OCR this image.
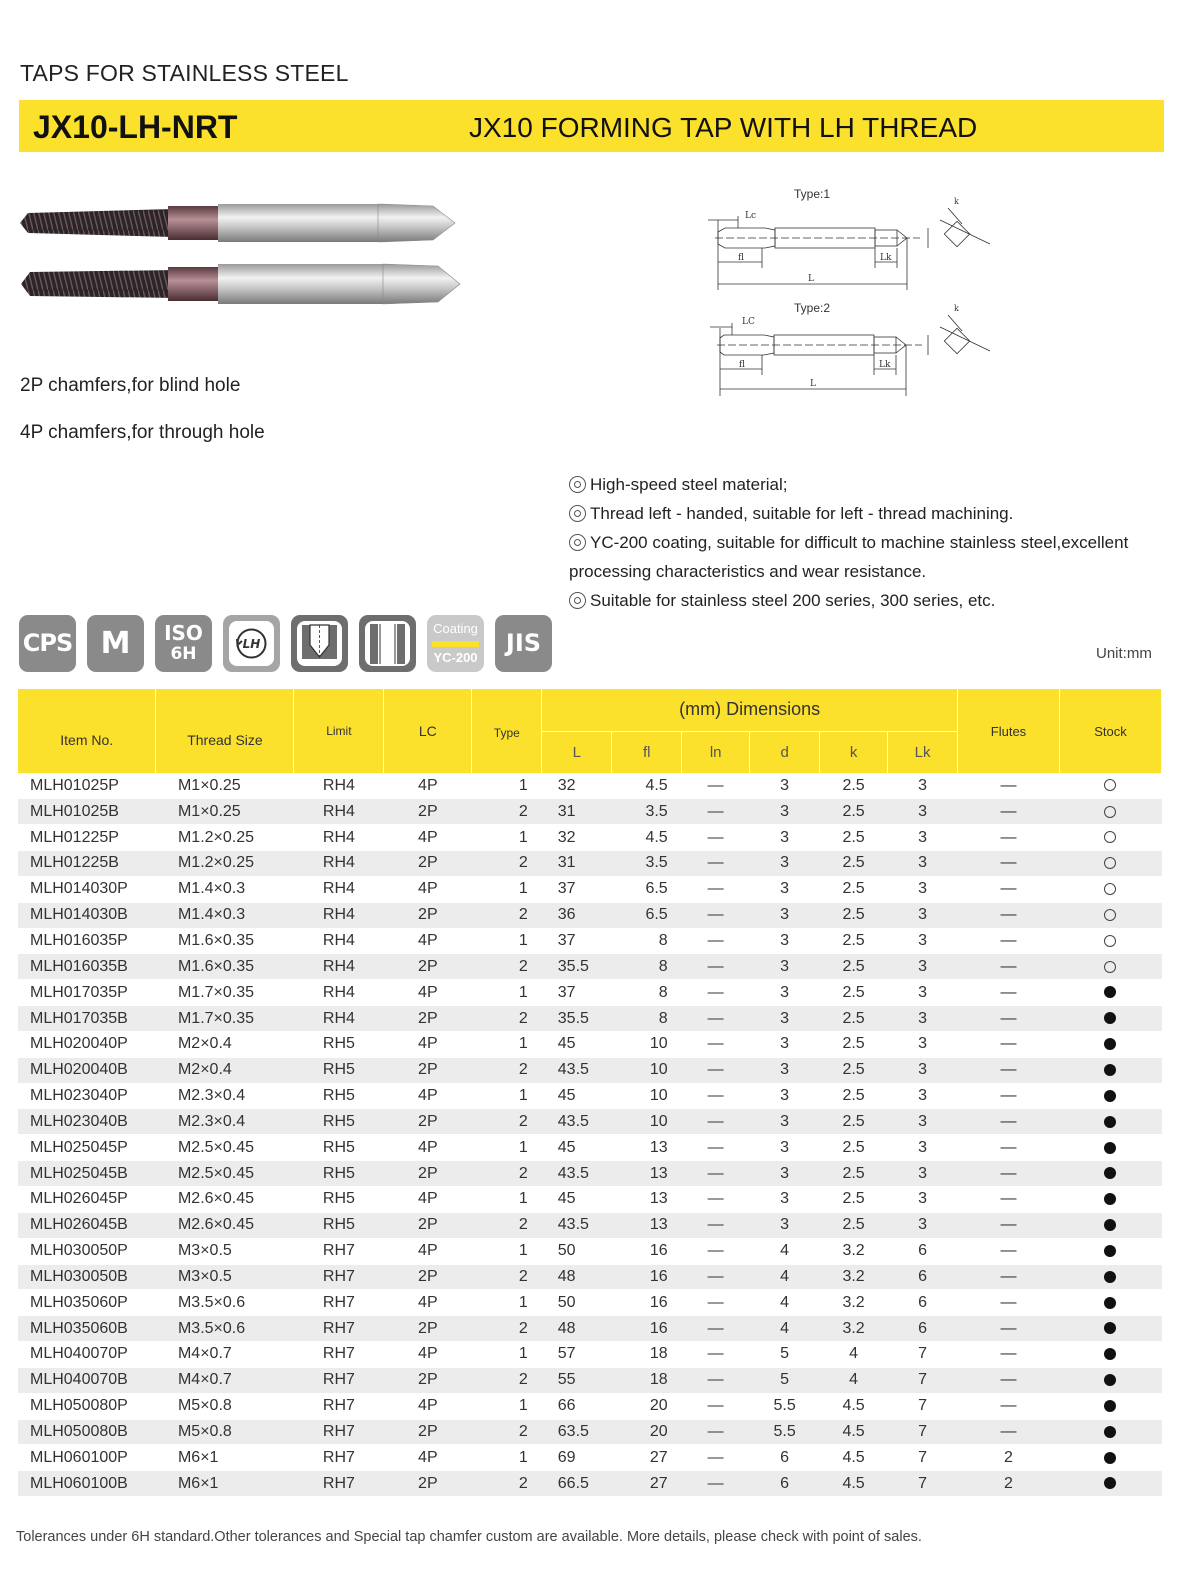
TAPS FOR STAINLESS STEEL
JX10-LH-NRT	JX10 FORMING TAP WITH LH THREAD
2P chamfers,for blind hole
4P chamfers,for through hole
Type:1
Lc
fl
L
Lk
k
Type:2
LC
fl
L
Lk
k
High-speed steel material;
Thread left - handed, suitable for left - thread machining.
YC-200 coating, suitable for difficult to machine stainless steel,excellent processing characteristics and wear resistance.
Suitable for stainless steel 200 series, 300 series, etc.
CPS M	ISO
6H	LH
Coating
YC-200
JIS	Unit:mm
Item No.	Thread Size	Limit	LC	Type	(mm) Dimensions						Flutes	Stock
					L	fl	ln	d	k	Lk		
MLH01025P	M1×0.25	RH4	4P	1	32	4.5	—	3	2.5	3	—	
MLH01025B	M1×0.25	RH4	2P	2	31	3.5	—	3	2.5	3	—	
MLH01225P	M1.2×0.25	RH4	4P	1	32	4.5	—	3	2.5	3	—	
MLH01225B	M1.2×0.25	RH4	2P	2	31	3.5	—	3	2.5	3	—	
MLH014030P	M1.4×0.3	RH4	4P	1	37	6.5	—	3	2.5	3	—	
MLH014030B	M1.4×0.3	RH4	2P	2	36	6.5	—	3	2.5	3	—	
MLH016035P	M1.6×0.35	RH4	4P	1	37	8	—	3	2.5	3	—	
MLH016035B	M1.6×0.35	RH4	2P	2	35.5	8	—	3	2.5	3	—	
MLH017035P	M1.7×0.35	RH4	4P	1	37	8	—	3	2.5	3	—	
MLH017035B	M1.7×0.35	RH4	2P	2	35.5	8	—	3	2.5	3	—	
MLH020040P	M2×0.4	RH5	4P	1	45	10	—	3	2.5	3	—	
MLH020040B	M2×0.4	RH5	2P	2	43.5	10	—	3	2.5	3	—	
MLH023040P	M2.3×0.4	RH5	4P	1	45	10	—	3	2.5	3	—	
MLH023040B	M2.3×0.4	RH5	2P	2	43.5	10	—	3	2.5	3	—	
MLH025045P	M2.5×0.45	RH5	4P	1	45	13	—	3	2.5	3	—	
MLH025045B	M2.5×0.45	RH5	2P	2	43.5	13	—	3	2.5	3	—	
MLH026045P	M2.6×0.45	RH5	4P	1	45	13	—	3	2.5	3	—	
MLH026045B	M2.6×0.45	RH5	2P	2	43.5	13	—	3	2.5	3	—	
MLH030050P	M3×0.5	RH7	4P	1	50	16	—	4	3.2	6	—	
MLH030050B	M3×0.5	RH7	2P	2	48	16	—	4	3.2	6	—	
MLH035060P	M3.5×0.6	RH7	4P	1	50	16	—	4	3.2	6	—	
MLH035060B	M3.5×0.6	RH7	2P	2	48	16	—	4	3.2	6	—	
MLH040070P	M4×0.7	RH7	4P	1	57	18	—	5	4	7	—	
MLH040070B	M4×0.7	RH7	2P	2	55	18	—	5	4	7	—	
MLH050080P	M5×0.8	RH7	4P	1	66	20	—	5.5	4.5	7	—	
MLH050080B	M5×0.8	RH7	2P	2	63.5	20	—	5.5	4.5	7	—	
MLH060100P	M6×1	RH7	4P	1	69	27	—	6	4.5	7	2	
MLH060100B	M6×1	RH7	2P	2	66.5	27	—	6	4.5	7	2	
Tolerances under 6H standard.Other tolerances and Special tap chamfer custom are available. More details, please check with point of sales.
